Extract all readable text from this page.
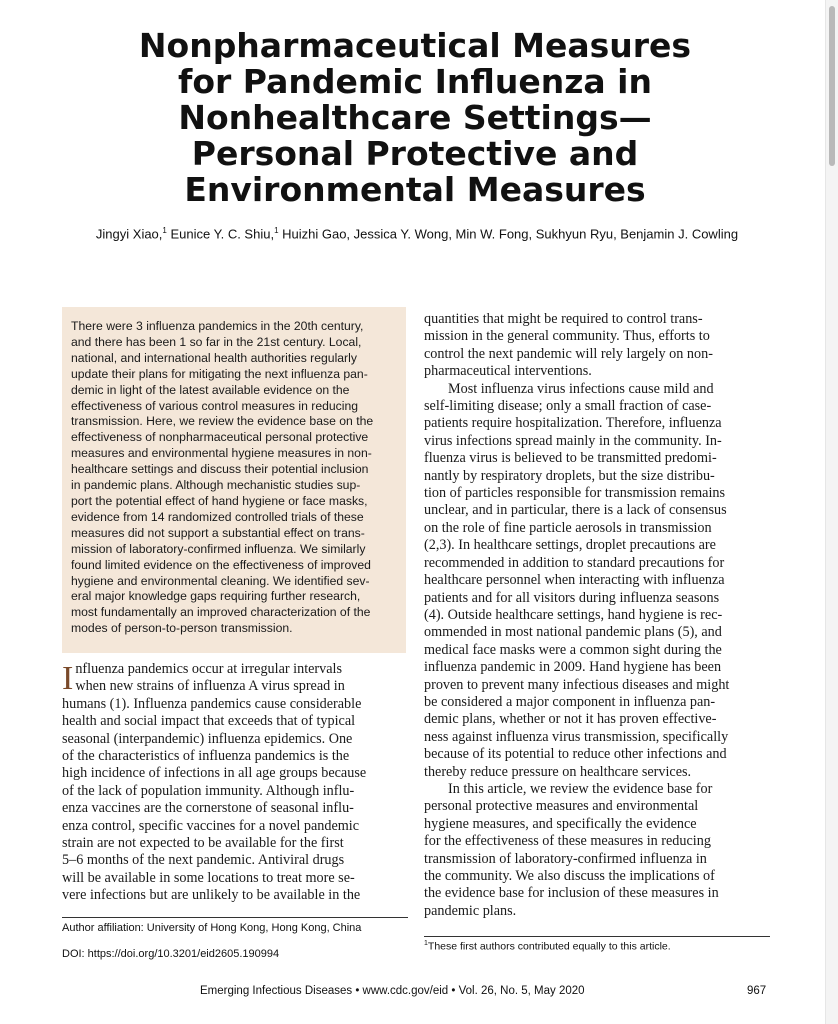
Nonpharmaceutical Measures
for Pandemic Influenza in
Nonhealthcare Settings—
Personal Protective and
Environmental Measures
Jingyi Xiao,$^1$ Eunice Y. C. Shiu,$^1$ Huizhi Gao, Jessica Y. Wong, Min W. Fong, Sukhyun Ryu, Benjamin J. Cowling
There were 3 influenza pandemics in the 20th century,
and there has been 1 so far in the 21st century. Local,
national, and international health authorities regularly
update their plans for mitigating the next influenza pan-
demic in light of the latest available evidence on the
effectiveness of various control measures in reducing
transmission. Here, we review the evidence base on the
effectiveness of nonpharmaceutical personal protective
measures and environmental hygiene measures in non-
healthcare settings and discuss their potential inclusion
in pandemic plans. Although mechanistic studies sup-
port the potential effect of hand hygiene or face masks,
evidence from 14 randomized controlled trials of these
measures did not support a substantial effect on trans-
mission of laboratory-confirmed influenza. We similarly
found limited evidence on the effectiveness of improved
hygiene and environmental cleaning. We identified sev-
eral major knowledge gaps requiring further research,
most fundamentally an improved characterization of the
modes of person-to-person transmission.
I nfluenza pandemics occur at irregular intervals
when new strains of influenza A virus spread in
humans (1). Influenza pandemics cause considerable
health and social impact that exceeds that of typical
seasonal (interpandemic) influenza epidemics. One
of the characteristics of influenza pandemics is the
high incidence of infections in all age groups because
of the lack of population immunity. Although influ-
enza vaccines are the cornerstone of seasonal influ-
enza control, specific vaccines for a novel pandemic
strain are not expected to be available for the first
5–6 months of the next pandemic. Antiviral drugs
will be available in some locations to treat more se-
vere infections but are unlikely to be available in the
quantities that might be required to control trans-
mission in the general community. Thus, efforts to
control the next pandemic will rely largely on non-
pharmaceutical interventions.
Most influenza virus infections cause mild and
self-limiting disease; only a small fraction of case-
patients require hospitalization. Therefore, influenza
virus infections spread mainly in the community. In-
fluenza virus is believed to be transmitted predomi-
nantly by respiratory droplets, but the size distribu-
tion of particles responsible for transmission remains
unclear, and in particular, there is a lack of consensus
on the role of fine particle aerosols in transmission
(2,3). In healthcare settings, droplet precautions are
recommended in addition to standard precautions for
healthcare personnel when interacting with influenza
patients and for all visitors during influenza seasons
(4). Outside healthcare settings, hand hygiene is rec-
ommended in most national pandemic plans (5), and
medical face masks were a common sight during the
influenza pandemic in 2009. Hand hygiene has been
proven to prevent many infectious diseases and might
be considered a major component in influenza pan-
demic plans, whether or not it has proven effective-
ness against influenza virus transmission, specifically
because of its potential to reduce other infections and
thereby reduce pressure on healthcare services.
In this article, we review the evidence base for
personal protective measures and environmental
hygiene measures, and specifically the evidence
for the effectiveness of these measures in reducing
transmission of laboratory-confirmed influenza in
the community. We also discuss the implications of
the evidence base for inclusion of these measures in
pandemic plans.
Author affiliation: University of Hong Kong, Hong Kong, China
DOI: https://doi.org/10.3201/eid2605.190994
$^1$These first authors contributed equally to this article.
Emerging Infectious Diseases • www.cdc.gov/eid • Vol. 26, No. 5, May 2020	967
